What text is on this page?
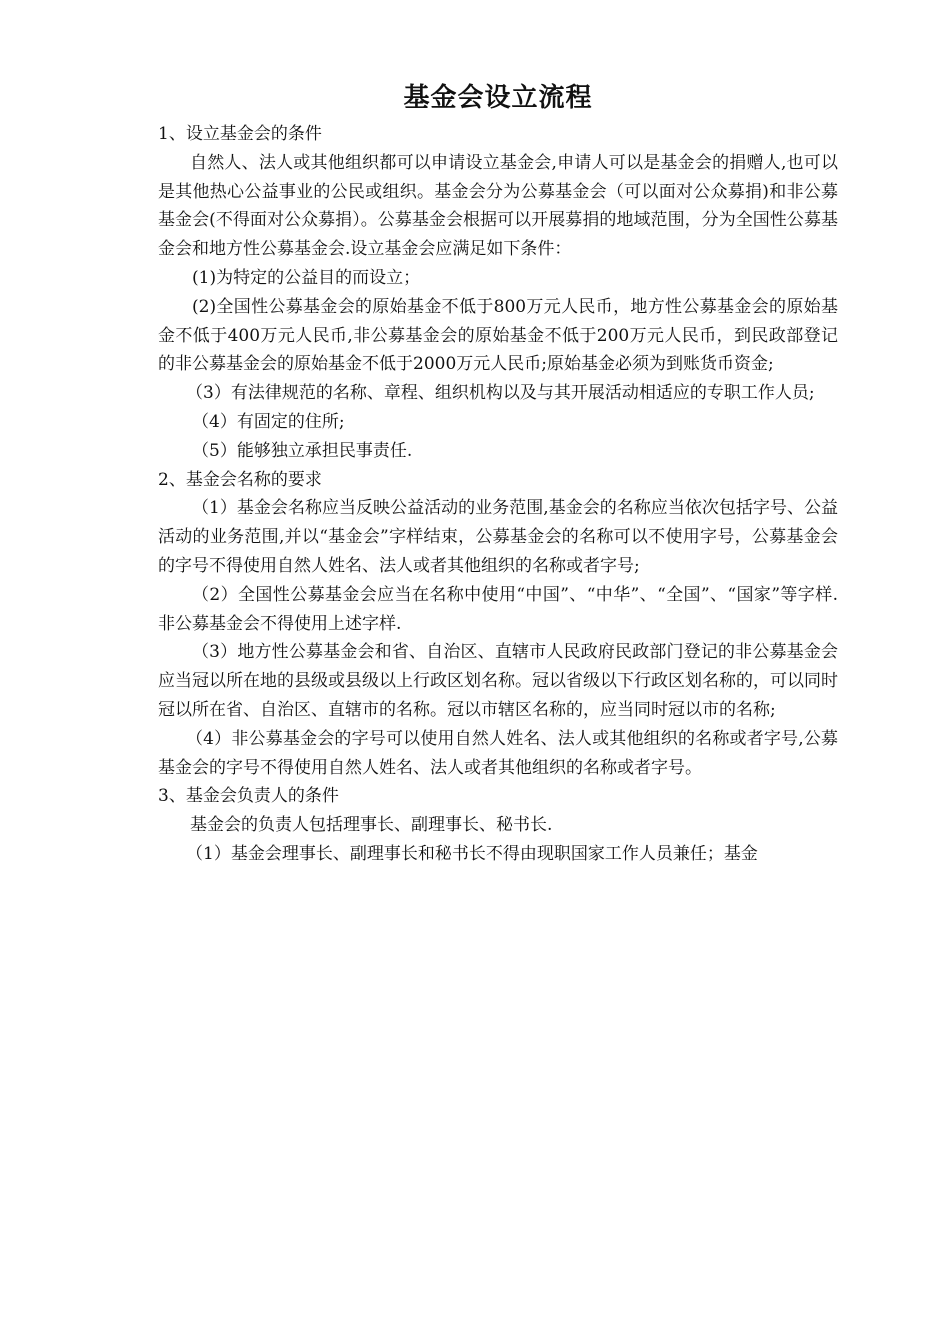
基金会设立流程

1、设立基金会的条件

自然人、法人或其他组织都可以申请设立基金会,申请人可以是基金会的捐赠人,也可以是其他热心公益事业的公民或组织。基金会分为公募基金会（可以面对公众募捐)和非公募基金会(不得面对公众募捐）。公募基金会根据可以开展募捐的地域范围，分为全国性公募基金会和地方性公募基金会.设立基金会应满足如下条件：

(1)为特定的公益目的而设立；

(2)全国性公募基金会的原始基金不低于800万元人民币，地方性公募基金会的原始基金不低于400万元人民币,非公募基金会的原始基金不低于200万元人民币，到民政部登记的非公募基金会的原始基金不低于2000万元人民币;原始基金必须为到账货币资金;

（3）有法律规范的名称、章程、组织机构以及与其开展活动相适应的专职工作人员;

（4）有固定的住所;

（5）能够独立承担民事责任.

2、基金会名称的要求

（1）基金会名称应当反映公益活动的业务范围,基金会的名称应当依次包括字号、公益活动的业务范围,并以“基金会”字样结束，公募基金会的名称可以不使用字号，公募基金会的字号不得使用自然人姓名、法人或者其他组织的名称或者字号;

（2）全国性公募基金会应当在名称中使用“中国”、“中华”、“全国”、“国家”等字样.非公募基金会不得使用上述字样.

（3）地方性公募基金会和省、自治区、直辖市人民政府民政部门登记的非公募基金会应当冠以所在地的县级或县级以上行政区划名称。冠以省级以下行政区划名称的，可以同时冠以所在省、自治区、直辖市的名称。冠以市辖区名称的，应当同时冠以市的名称;

（4）非公募基金会的字号可以使用自然人姓名、法人或其他组织的名称或者字号,公募基金会的字号不得使用自然人姓名、法人或者其他组织的名称或者字号。

3、基金会负责人的条件

基金会的负责人包括理事长、副理事长、秘书长.

（1）基金会理事长、副理事长和秘书长不得由现职国家工作人员兼任；基金
